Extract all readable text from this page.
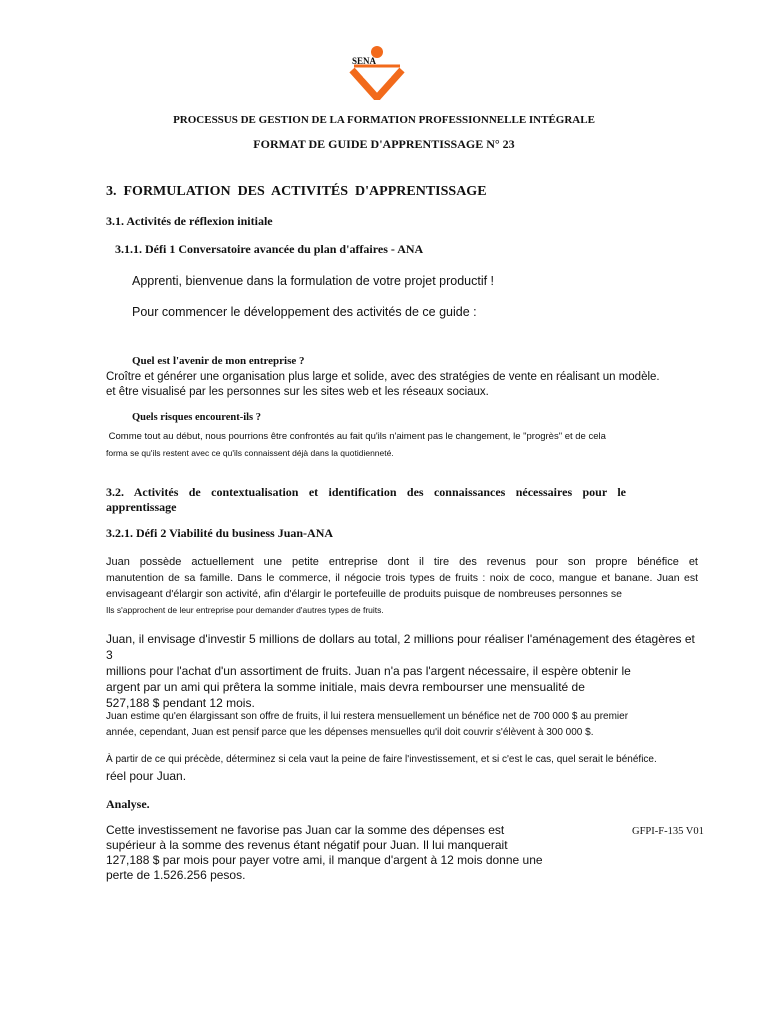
SENA
PROCESSUS DE GESTION DE LA FORMATION PROFESSIONNELLE INTÉGRALE
FORMAT DE GUIDE D'APPRENTISSAGE N° 23
3.  FORMULATION  DES  ACTIVITÉS  D'APPRENTISSAGE
3.1. Activités de réflexion initiale
3.1.1. Défi 1 Conversatoire avancée du plan d'affaires - ANA
Apprenti, bienvenue dans la formulation de votre projet productif !
Pour commencer le développement des activités de ce guide :
Quel est l'avenir de mon entreprise ?
Croître et générer une organisation plus large et solide, avec des stratégies de vente en réalisant un modèle.
et être visualisé par les personnes sur les sites web et les réseaux sociaux.
Quels risques encourent-ils ?
Comme tout au début, nous pourrions être confrontés au fait qu'ils n'aiment pas le changement, le "progrès" et de cela
forma se qu'ils restent avec ce qu'ils connaissent déjà dans la quotidienneté.
3.2. Activités de contextualisation et identification des connaissances nécessaires pour le
apprentissage
3.2.1. Défi 2 Viabilité du business Juan-ANA
Juan  possède  actuellement  une  petite  entreprise  dont  il  tire  des  revenus  pour  son  propre  bénéfice  et
manutention de sa famille. Dans le commerce, il négocie trois types de fruits : noix de coco, mangue et banane. Juan est
envisageant d'élargir son activité, afin d'élargir le portefeuille de produits puisque de nombreuses personnes se
Ils s'approchent de leur entreprise pour demander d'autres types de fruits.
Juan, il envisage d'investir 5 millions de dollars au total, 2 millions pour réaliser l'aménagement des étagères et 3
millions pour l'achat d'un assortiment de fruits. Juan n'a pas l'argent nécessaire, il espère obtenir le
argent par un ami qui prêtera la somme initiale, mais devra rembourser une mensualité de
527,188 $ pendant 12 mois.
Juan estime qu'en élargissant son offre de fruits, il lui restera mensuellement un bénéfice net de 700 000 $ au premier
année, cependant, Juan est pensif parce que les dépenses mensuelles qu'il doit couvrir s'élèvent à 300 000 $.
À partir de ce qui précède, déterminez si cela vaut la peine de faire l'investissement, et si c'est le cas, quel serait le bénéfice.
réel pour Juan.
Analyse.
Cette investissement ne favorise pas Juan car la somme des dépenses est
supérieur à la somme des revenus étant négatif pour Juan. Il lui manquerait
127,188 $ par mois pour payer votre ami, il manque d'argent à 12 mois donne une
perte de 1.526.256 pesos.
GFPI-F-135 V01
